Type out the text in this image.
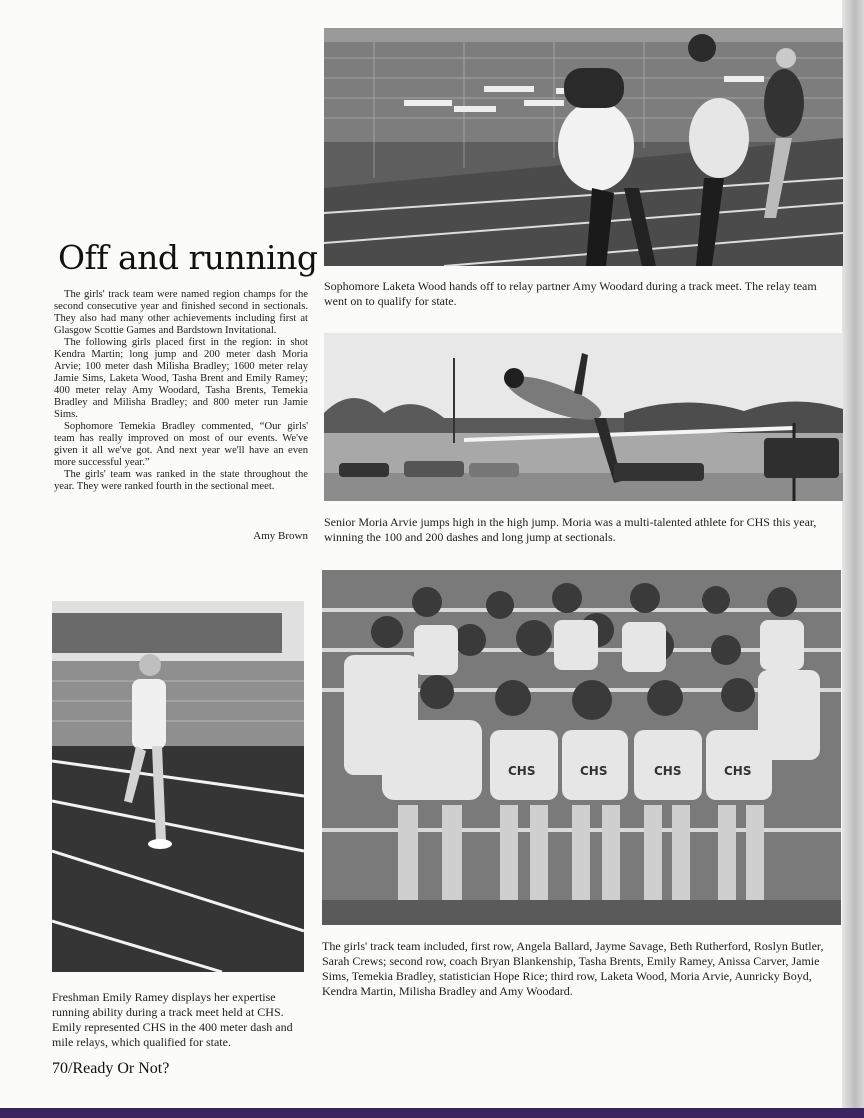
Off and running

The girls' track team were named region champs for the second consecutive year and finished second in sectionals. They also had many other achievements including first at Glasgow Scottie Games and Bardstown Invitational.

The following girls placed first in the region: in shot Kendra Martin; long jump and 200 meter dash Moria Arvie; 100 meter dash Milisha Bradley; 1600 meter relay Jamie Sims, Laketa Wood, Tasha Brent and Emily Ramey; 400 meter relay Amy Woodard, Tasha Brents, Temekia Bradley and Milisha Bradley; and 800 meter run Jamie Sims.

Sophomore Temekia Bradley commented, “Our girls' team has really improved on most of our events. We've given it all we've got. And next year we'll have an even more successful year.”

The girls' team was ranked in the state throughout the year. They were ranked fourth in the sectional meet.

Amy Brown
Sophomore Laketa Wood hands off to relay partner Amy Woodard during a track meet. The relay team went on to qualify for state.
Senior Moria Arvie jumps high in the high jump. Moria was a multi-talented athlete for CHS this year, winning the 100 and 200 dashes and long jump at sectionals.
CHS	CHS	CHS	CHS
The girls' track team included, first row, Angela Ballard, Jayme Savage, Beth Rutherford, Roslyn Butler, Sarah Crews; second row, coach Bryan Blankenship, Tasha Brents, Emily Ramey, Anissa Carver, Jamie Sims, Temekia Bradley, statistician Hope Rice; third row, Laketa Wood, Moria Arvie, Aunricky Boyd, Kendra Martin, Milisha Bradley and Amy Woodard.
Freshman Emily Ramey displays her expertise running ability during a track meet held at CHS. Emily represented CHS in the 400 meter dash and mile relays, which qualified for state.
70/Ready Or Not?
